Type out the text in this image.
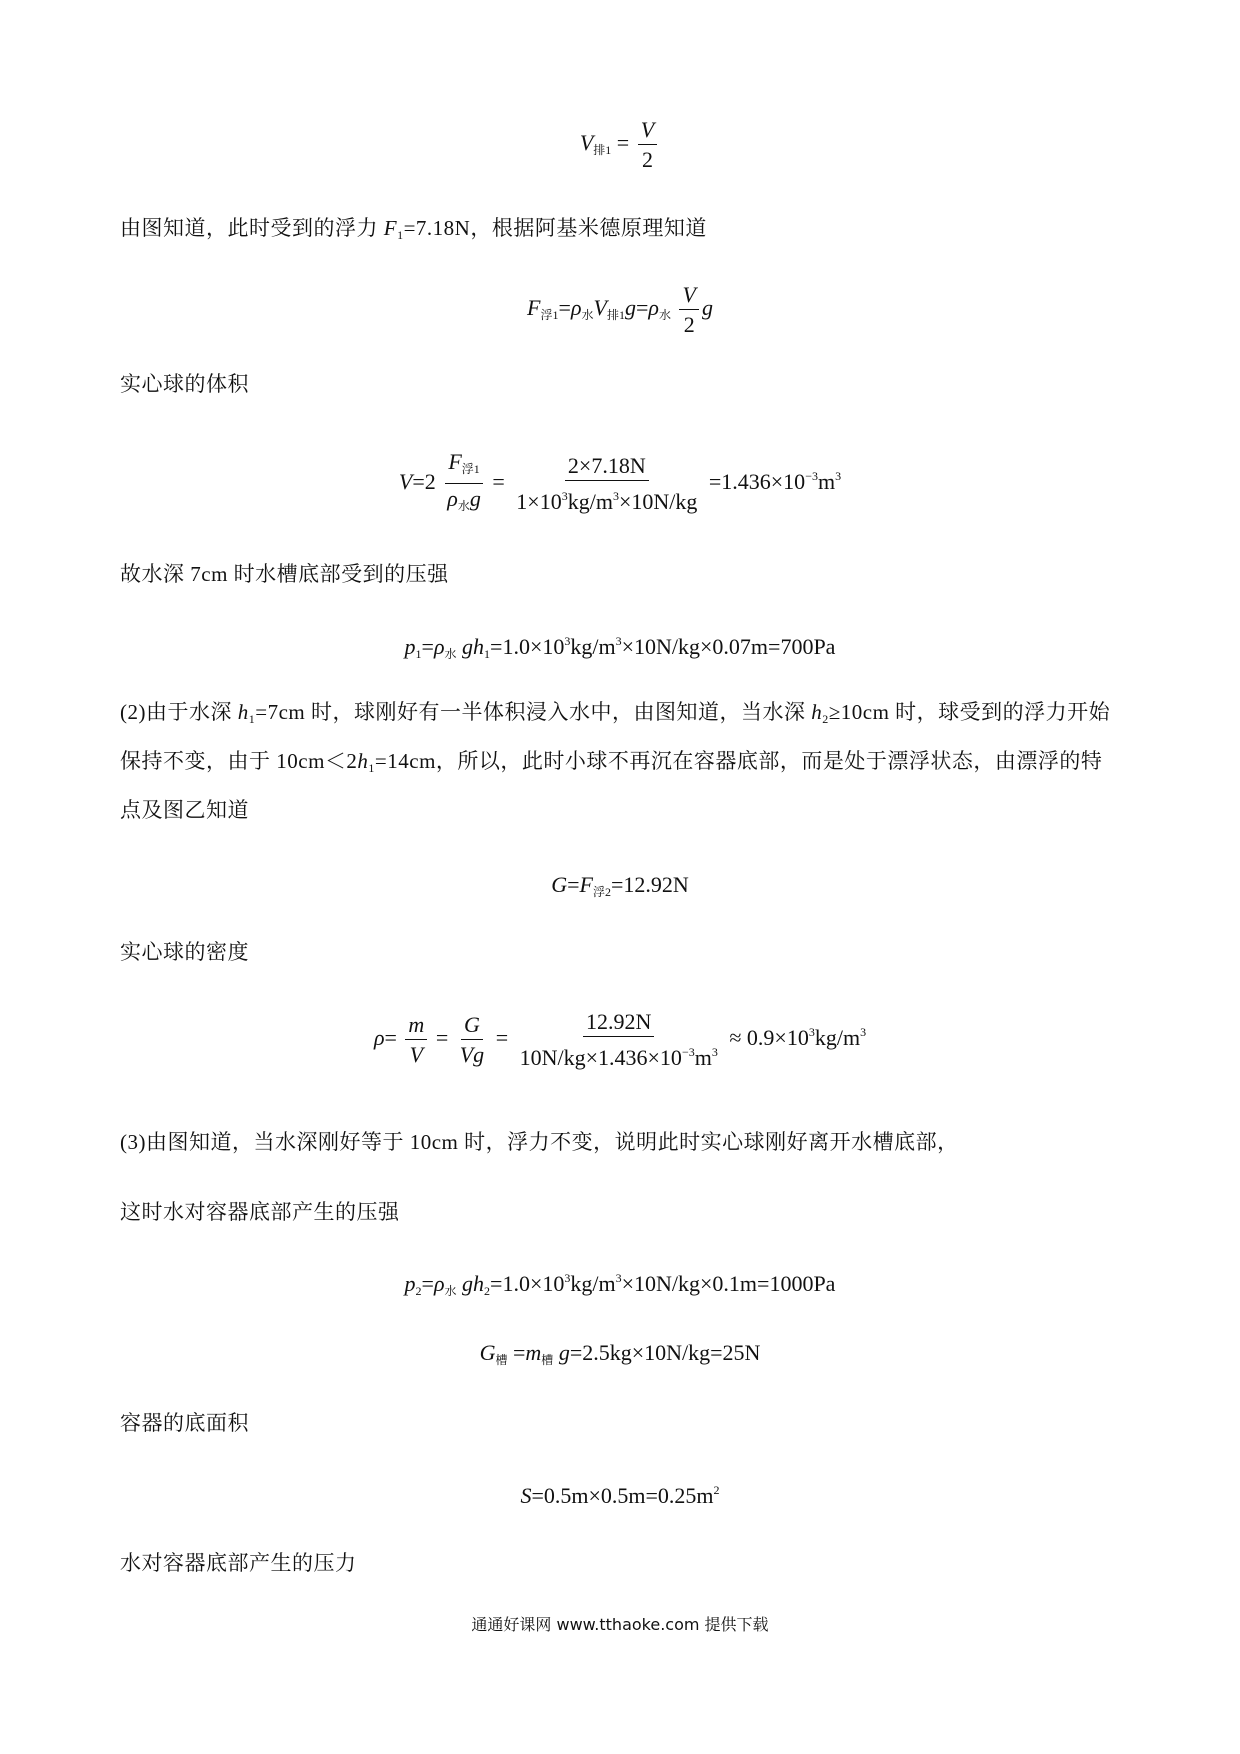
$V_{排1} = \frac{V}{2}$
由图知道，此时受到的浮力 $F_1=7.18N$，根据阿基米德原理知道
$F_{浮1}=\rho_水V_{排1}g=\rho_水 \frac{V}{2}$ g
实心球的体积
$V=2 \frac{F_{浮1}}{\rho_水g} = \frac{2\times 7.18N}{1\times 10^3kg/m^3\times 10N/kg} =1.436\times 10^{-3}m^3$
故水深 7cm 时水槽底部受到的压强
$p_1=\rho_水$ $gh_1=1.0\times 10^3kg/m^3\times 10N/kg\times 0.07m=700Pa$
(2)由于水深 $h_1=7cm$ 时，球刚好有一半体积浸入水中，由图知道，当水深 $h_2\ge 10cm$ 时，球受到的浮力开始
保持不变，由于 $10cm<2h_1=14cm$，所以，此时小球不再沉在容器底部，而是处于漂浮状态，由漂浮的特
点及图乙知道
$G=F_{浮2}=12.92N$
实心球的密度
$\rho= \frac{m}{V} = \frac{G}{Vg} = \frac{12.92N}{10N/kg\times 1.436\times 10^{-3}m^3} \approx 0.9\times 10^3kg/m^3$
(3)由图知道，当水深刚好等于 10cm 时，浮力不变，说明此时实心球刚好离开水槽底部，
这时水对容器底部产生的压强
$p_2=\rho_水$ $gh_2=1.0\times 10^3kg/m^3\times 10N/kg\times 0.1m=1000Pa$
$G_槽 =m_槽$ g=2.5kg×10N/kg=25N
容器的底面积
$S=0.5m\times 0.5m=0.25m^2$
水对容器底部产生的压力
通通好课网 www.tthaoke.com 提供下载
